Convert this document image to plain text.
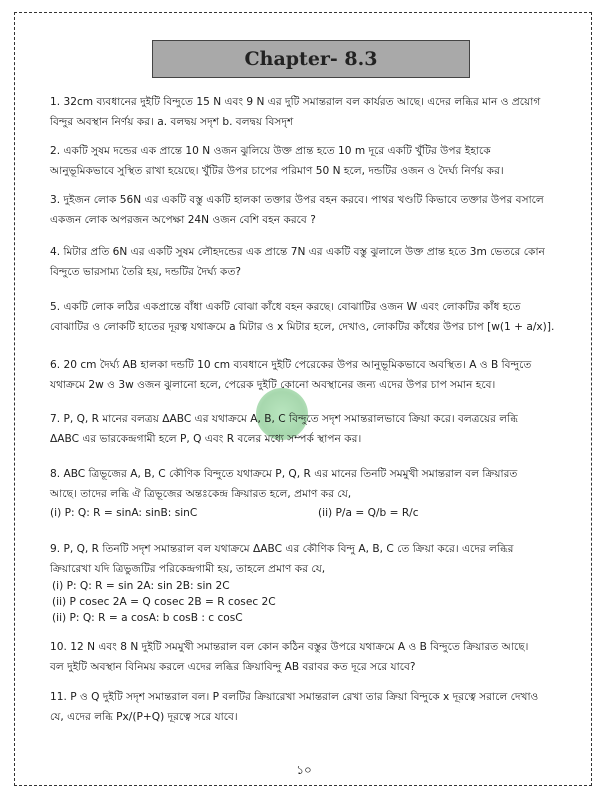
Chapter- 8.3
1. 32cm ব্যবধানের দুইটি বিন্দুতে 15 N এবং 9 N এর দুটি সমান্তরাল বল কার্যরত আছে। এদের লব্ধির মান ও প্রয়োগ
বিন্দুর অবস্থান নির্ণয় কর। a. বলদ্বয় সদৃশ b. বলদ্বয় বিসদৃশ
2. একটি সুষম দন্ডের এক প্রান্তে 10 N ওজন ঝুলিয়ে উক্ত প্রান্ত হতে 10 m দূরে একটি খুঁটির উপর ইহাকে
আনুভূমিকভাবে সুস্থিত রাখা হয়েছে। খুঁটির উপর চাপের পরিমাণ 50 N হলে, দন্ডটির ওজন ও দৈর্ঘ্য নির্ণয় কর।
3. দুইজন লোক 56N এর একটি বস্তু একটি হালকা তক্তার উপর বহন করবে। পাথর খণ্ডটি কিভাবে তক্তার উপর বসালে
একজন লোক অপরজন অপেক্ষা 24N ওজন বেশি বহন করবে ?
4. মিটার প্রতি 6N এর একটি সুষম লৌহদন্ডের এক প্রান্তে 7N এর একটি বস্তু ঝুলালে উক্ত প্রান্ত হতে 3m ভেতরে কোন
বিন্দুতে ভারসাম্য তৈরি হয়, দন্ডটির দৈর্ঘ্য কত?
5. একটি লোক লঠির একপ্রান্তে বাঁধা একটি বোঝা কাঁধে বহন করছে। বোঝাটির ওজন W এবং লোকটির কাঁধ হতে
বোঝাটির ও লোকটি হাতের দূরত্ব যথাক্রমে a মিটার ও x মিটার হলে, দেখাও, লোকটির কাঁধের উপর চাপ [w(1 + a/x)].
6. 20 cm দৈর্ঘ্য AB হালকা দন্ডটি 10 cm ব্যবধানে দুইটি পেরেকের উপর আনুভূমিকভাবে অবস্থিত। A ও B বিন্দুতে
যথাক্রমে 2w ও 3w ওজন ঝুলানো হলে, পেরেক দুইটি কোনো অবস্থানের জন্য এদের উপর চাপ সমান হবে।
7. P, Q, R মানের বলত্রয় ΔABC এর যথাক্রমে A, B, C বিন্দুতে সদৃশ সমান্তরালভাবে ক্রিয়া করে। বলত্রয়ের লব্ধি
ΔABC এর ভারকেন্দ্রগামী হলে P, Q এবং R বলের মধ্যে সম্পর্ক স্থাপন কর।
8. ABC ত্রিভূজের A, B, C কৌণিক বিন্দুতে যথাক্রমে P, Q, R এর মানের তিনটি সমমুখী সমান্তরাল বল ক্রিয়ারত
আছে। তাদের লব্ধি ঐ ত্রিভূজের অন্তঃকেন্দ্র ক্রিয়ারত হলে, প্রমাণ কর যে,
(i) P: Q: R = sinA: sinB: sinC	(ii) P/a = Q/b = R/c
9. P, Q, R তিনটি সদৃশ সমান্তরাল বল যথাক্রমে ΔABC এর কৌণিক বিন্দু A, B, C তে ক্রিয়া করে। এদের লব্ধির
ক্রিয়ারেখা যদি ত্রিভুজটির পরিকেন্দ্রগামী হয়, তাহলে প্রমাণ কর যে,
(i) P: Q: R = sin 2A: sin 2B: sin 2C
(ii) P cosec 2A = Q cosec 2B = R cosec 2C
(ii) P: Q: R = a cosA: b cosB : c cosC
10. 12 N এবং 8 N দুইটি সমমুখী সমান্তরাল বল কোন কঠিন বস্তুর উপরে যথাক্রমে A ও B বিন্দুতে ক্রিয়ারত আছে।
বল দুইটি অবস্থান বিনিময় করলে এদের লব্ধির ক্রিয়াবিন্দু AB বরাবর কত দূরে সরে যাবে?
11. P ও Q দুইটি সদৃশ সমান্তরাল বল। P বলটির ক্রিয়ারেখা সমান্তরাল রেখা তার ক্রিয়া বিন্দুকে x দূরত্বে সরালে দেখাও
যে, এদের লব্ধি Px/(P+Q) দূরত্বে সরে যাবে।
১০
